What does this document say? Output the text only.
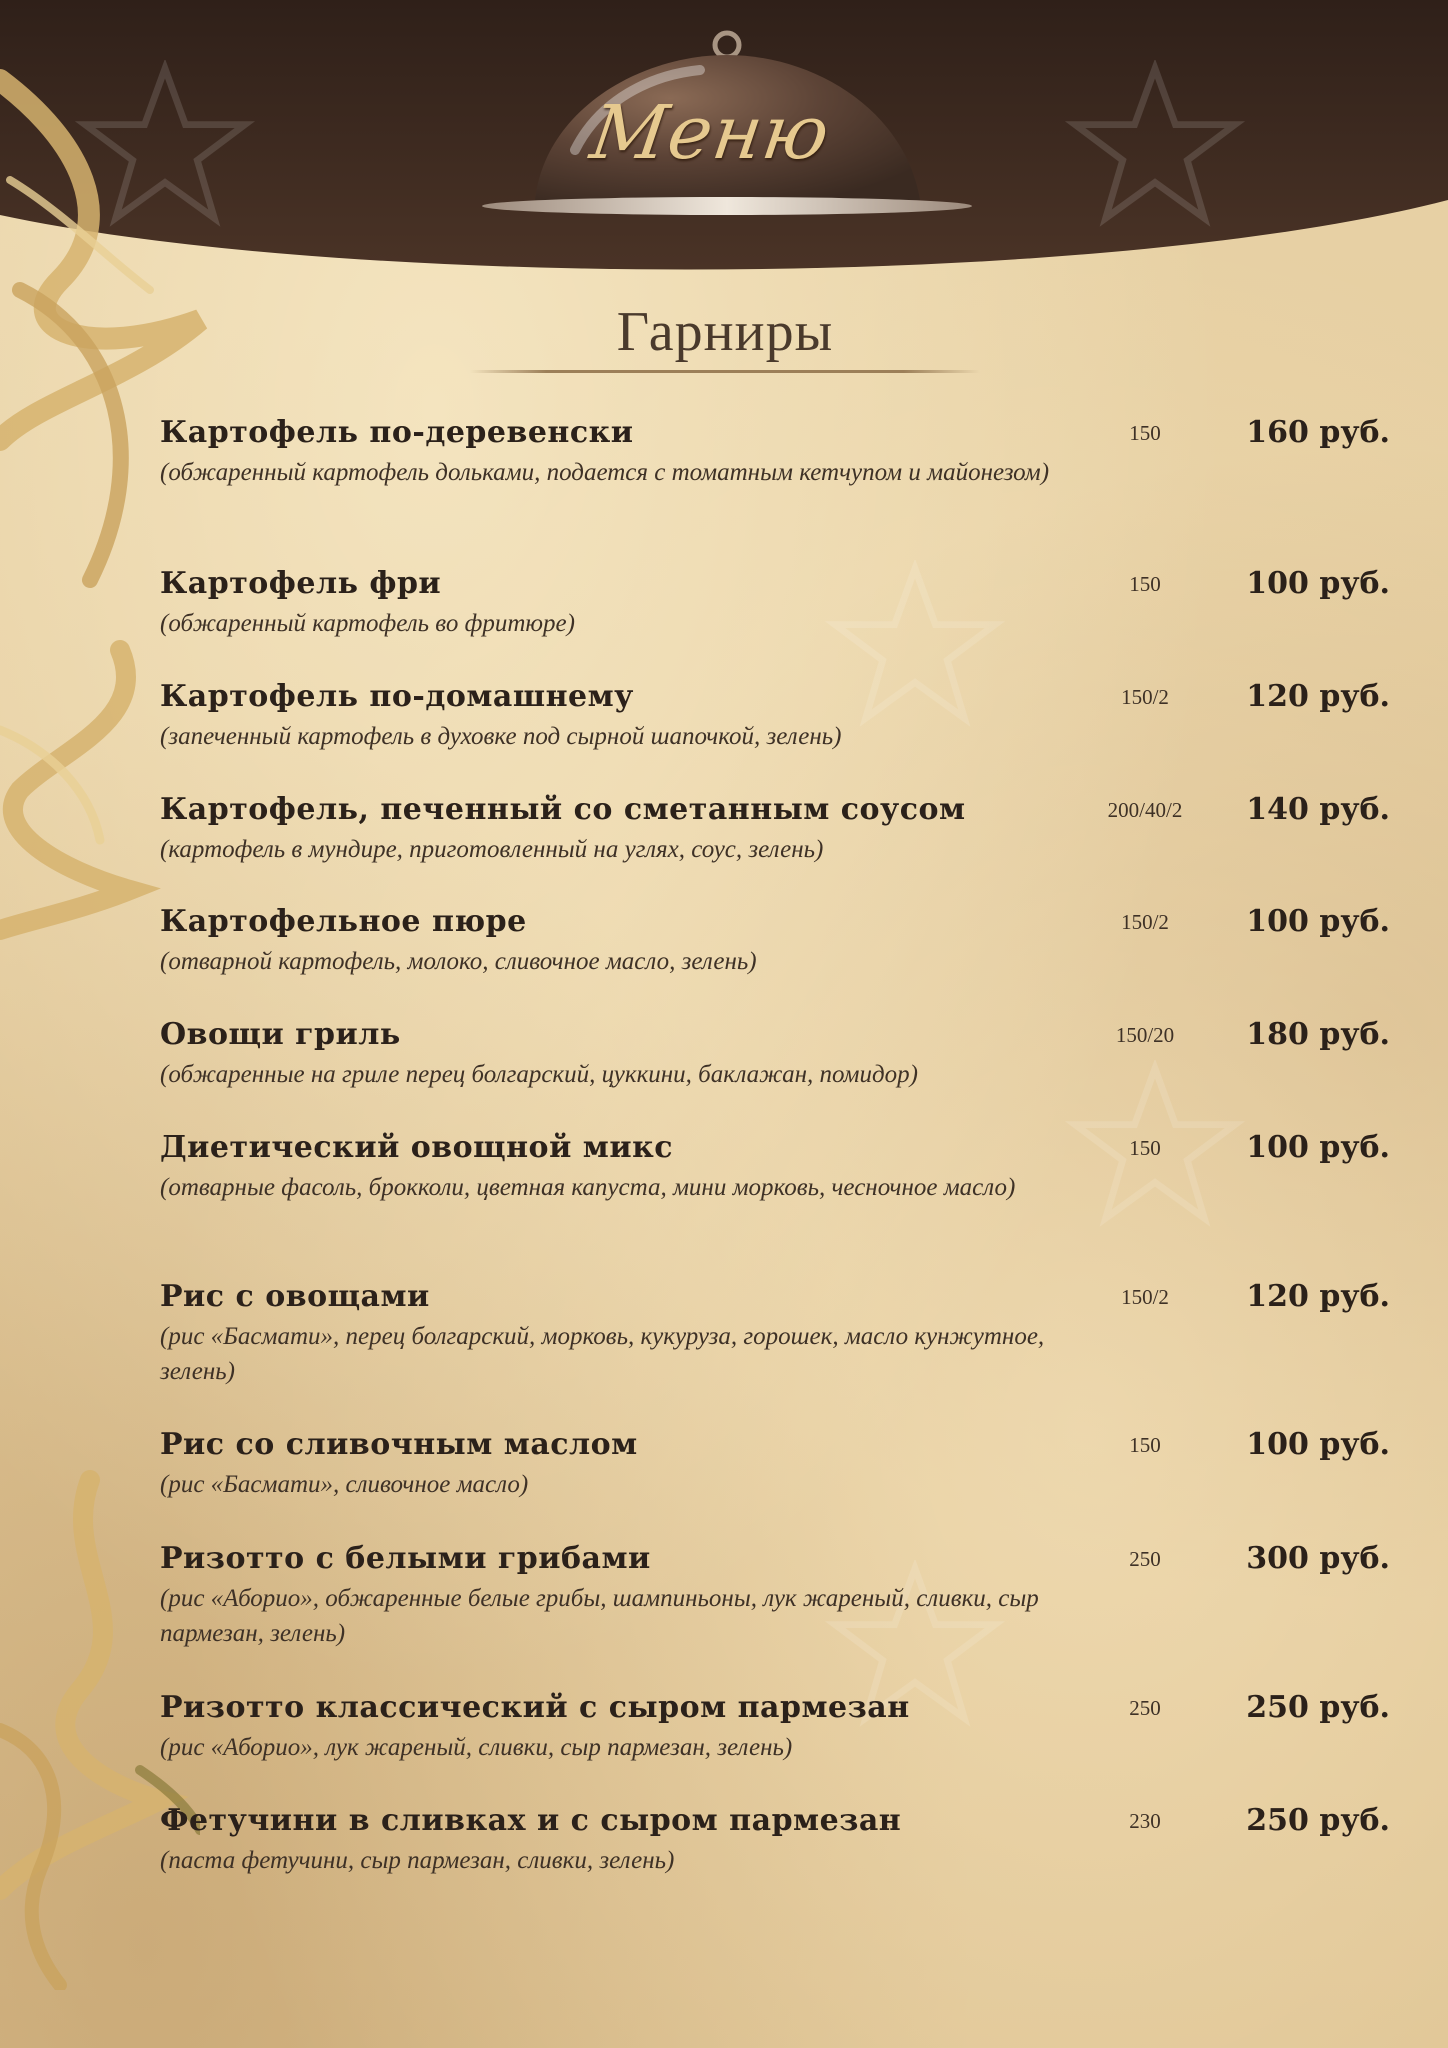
Меню
Гарниры
Картофель по-деревенски
(обжаренный картофель дольками, подается с томатным кетчупом и майонезом)
150	160 руб.
Картофель фри
(обжаренный картофель во фритюре)
150	100 руб.
Картофель по-домашнему
(запеченный картофель в духовке под сырной шапочкой, зелень)
150/2	120 руб.
Картофель, печенный со сметанным соусом
(картофель в мундире, приготовленный на углях, соус, зелень)
200/40/2	140 руб.
Картофельное пюре
(отварной картофель, молоко, сливочное масло, зелень)
150/2	100 руб.
Овощи гриль
(обжаренные на гриле перец болгарский, цуккини, баклажан, помидор)
150/20	180 руб.
Диетический овощной микс
(отварные фасоль, брокколи, цветная капуста, мини морковь, чесночное масло)
150	100 руб.
Рис с овощами
(рис «Басмати», перец болгарский, морковь, кукуруза, горошек, масло кунжутное, зелень)
150/2	120 руб.
Рис со сливочным маслом
(рис «Басмати», сливочное масло)
150	100 руб.
Ризотто с белыми грибами
(рис «Аборио», обжаренные белые грибы, шампиньоны, лук жареный, сливки, сыр пармезан, зелень)
250	300 руб.
Ризотто классический с сыром пармезан
(рис «Аборио», лук жареный, сливки, сыр пармезан, зелень)
250	250 руб.
Фетучини в сливках и с сыром пармезан
(паста фетучини, сыр пармезан, сливки, зелень)
230	250 руб.
